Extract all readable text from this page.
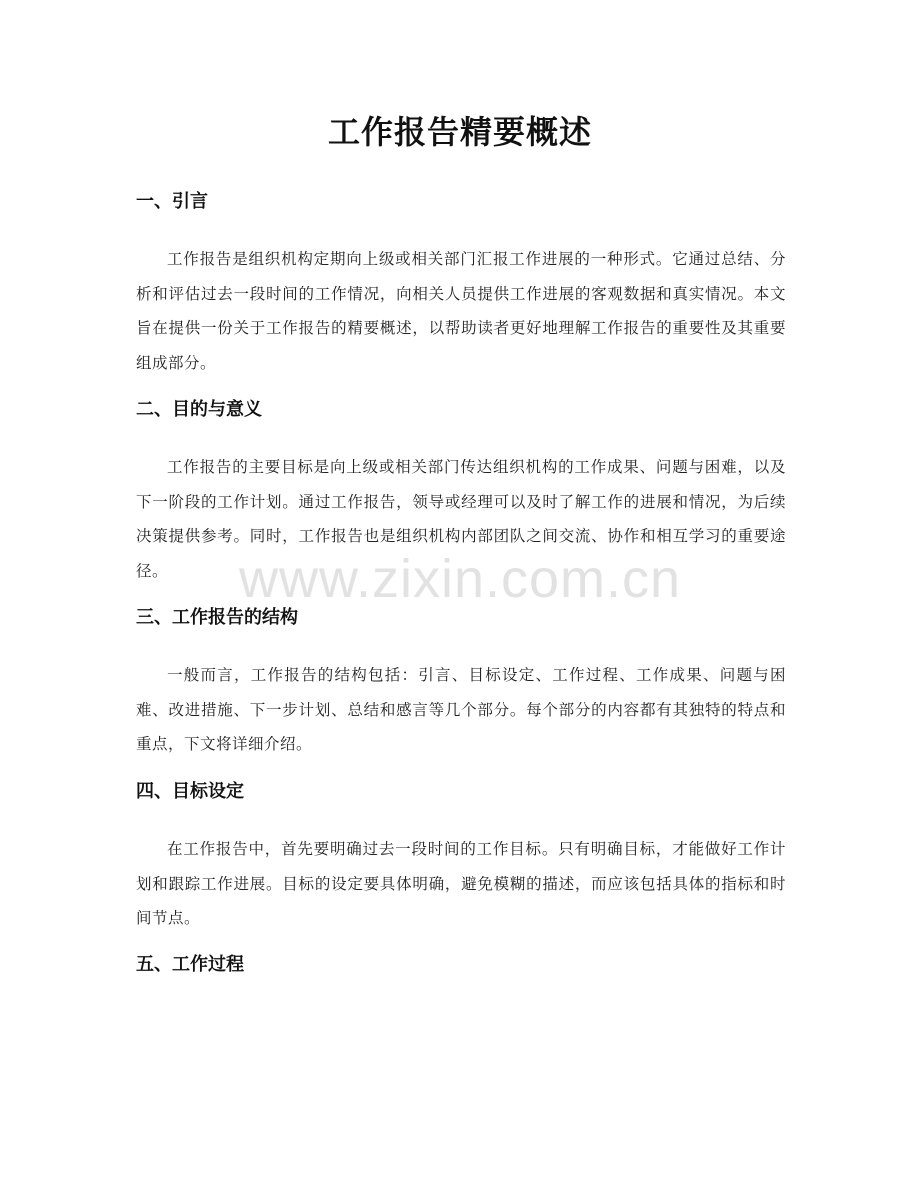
工作报告精要概述
一、引言

工作报告是组织机构定期向上级或相关部门汇报工作进展的一种形式。它通过总结、分析和评估过去一段时间的工作情况，向相关人员提供工作进展的客观数据和真实情况。本文旨在提供一份关于工作报告的精要概述，以帮助读者更好地理解工作报告的重要性及其重要组成部分。

二、目的与意义

工作报告的主要目标是向上级或相关部门传达组织机构的工作成果、问题与困难，以及下一阶段的工作计划。通过工作报告，领导或经理可以及时了解工作的进展和情况，为后续决策提供参考。同时，工作报告也是组织机构内部团队之间交流、协作和相互学习的重要途径。

三、工作报告的结构

一般而言，工作报告的结构包括：引言、目标设定、工作过程、工作成果、问题与困难、改进措施、下一步计划、总结和感言等几个部分。每个部分的内容都有其独特的特点和重点，下文将详细介绍。

四、目标设定

在工作报告中，首先要明确过去一段时间的工作目标。只有明确目标，才能做好工作计划和跟踪工作进展。目标的设定要具体明确，避免模糊的描述，而应该包括具体的指标和时间节点。

五、工作过程
www.zixin.com.cn
